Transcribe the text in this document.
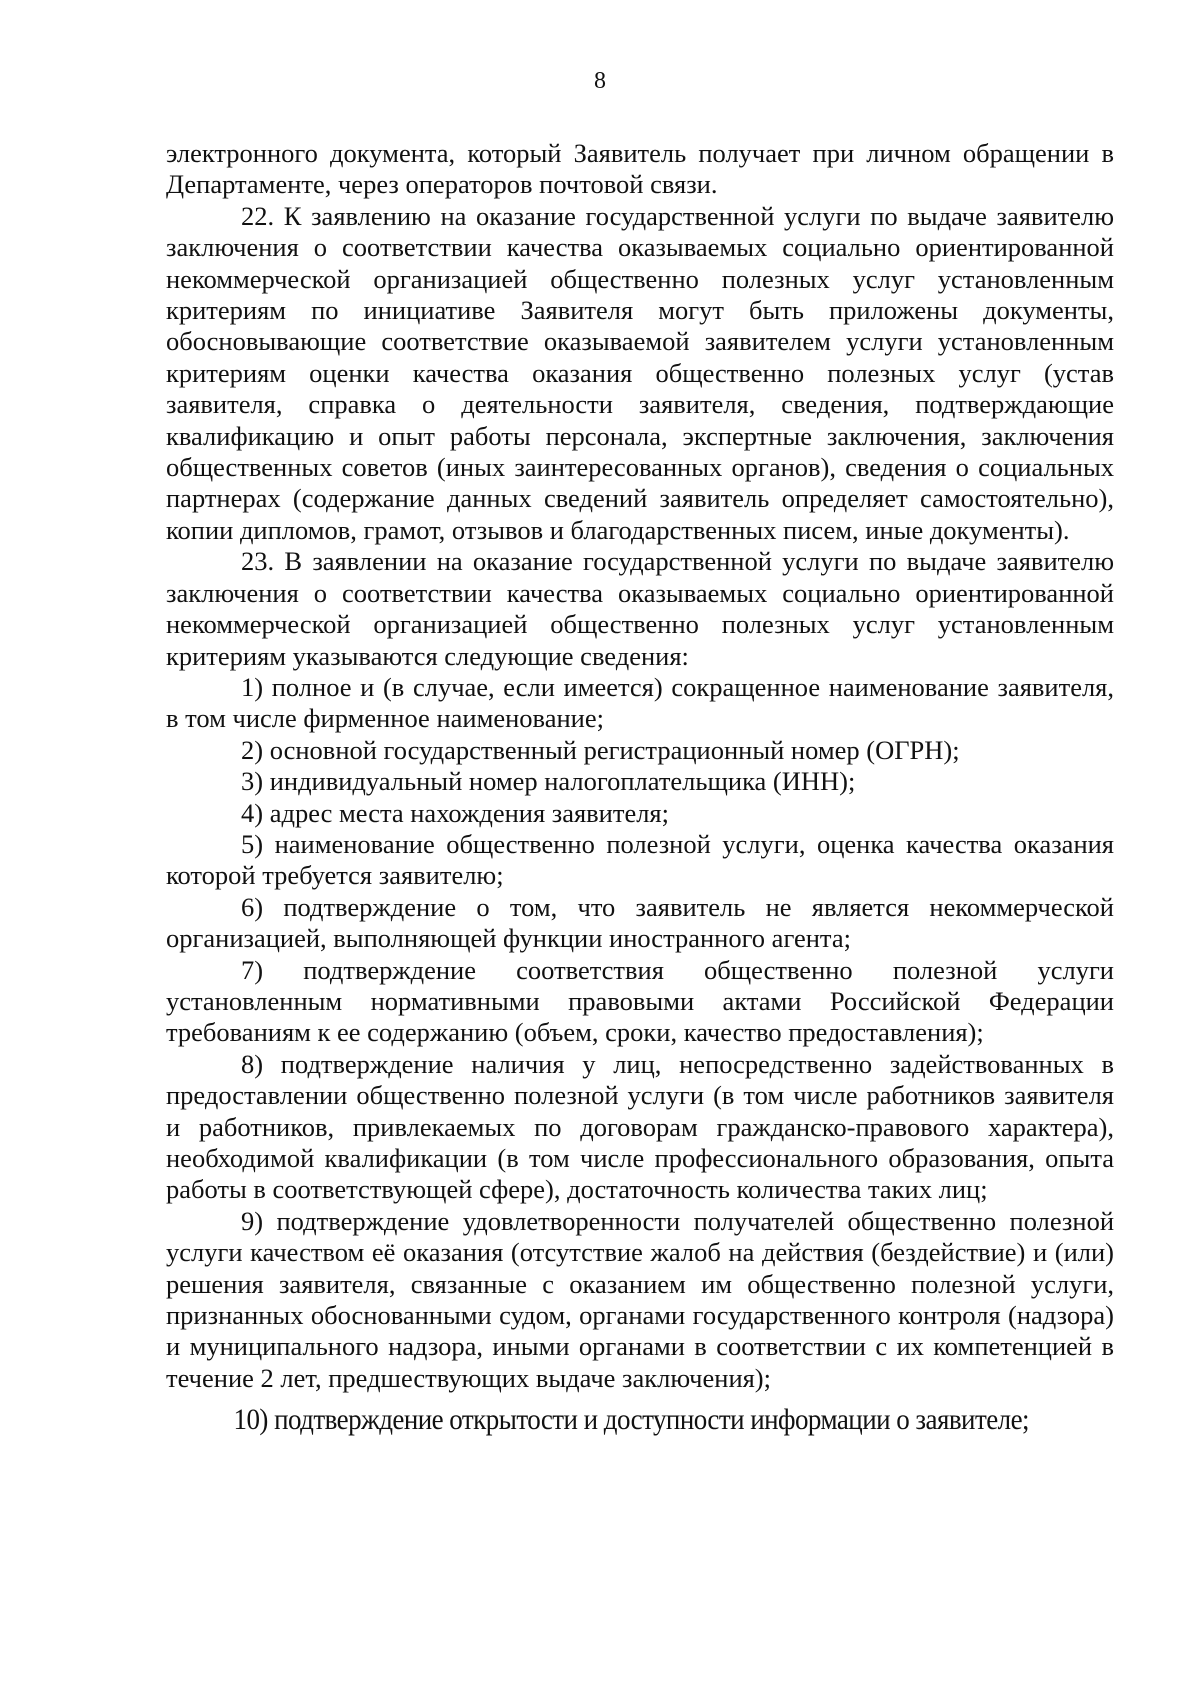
8

электронного документа, который Заявитель получает при личном обращении в Департаменте, через операторов почтовой связи.

22. К заявлению на оказание государственной услуги по выдаче заявителю заключения о соответствии качества оказываемых социально ориентированной некоммерческой организацией общественно полезных услуг установленным критериям по инициативе Заявителя могут быть приложены документы, обосновывающие соответствие оказываемой заявителем услуги установленным критериям оценки качества оказания общественно полезных услуг (устав заявителя, справка о деятельности заявителя, сведения, подтверждающие квалификацию и опыт работы персонала, экспертные заключения, заключения общественных советов (иных заинтересованных органов), сведения о социальных партнерах (содержание данных сведений заявитель определяет самостоятельно), копии дипломов, грамот, отзывов и благодарственных писем, иные документы).

23. В заявлении на оказание государственной услуги по выдаче заявителю заключения о соответствии качества оказываемых социально ориентированной некоммерческой организацией общественно полезных услуг установленным критериям указываются следующие сведения:

1) полное и (в случае, если имеется) сокращенное наименование заявителя, в том числе фирменное наименование;

2) основной государственный регистрационный номер (ОГРН);

3) индивидуальный номер налогоплательщика (ИНН);

4) адрес места нахождения заявителя;

5) наименование общественно полезной услуги, оценка качества оказания которой требуется заявителю;

6) подтверждение о том, что заявитель не является некоммерческой организацией, выполняющей функции иностранного агента;

7) подтверждение соответствия общественно полезной услуги установленным нормативными правовыми актами Российской Федерации требованиям к ее содержанию (объем, сроки, качество предоставления);

8) подтверждение наличия у лиц, непосредственно задействованных в предоставлении общественно полезной услуги (в том числе работников заявителя и работников, привлекаемых по договорам гражданско-правового характера), необходимой квалификации (в том числе профессионального образования, опыта работы в соответствующей сфере), достаточность количества таких лиц;

9) подтверждение удовлетворенности получателей общественно полезной услуги качеством её оказания (отсутствие жалоб на действия (бездействие) и (или) решения заявителя, связанные с оказанием им общественно полезной услуги, признанных обоснованными судом, органами государственного контроля (надзора) и муниципального надзора, иными органами в соответствии с их компетенцией в течение 2 лет, предшествующих выдаче заключения);

10) подтверждение открытости и доступности информации о заявителе;
